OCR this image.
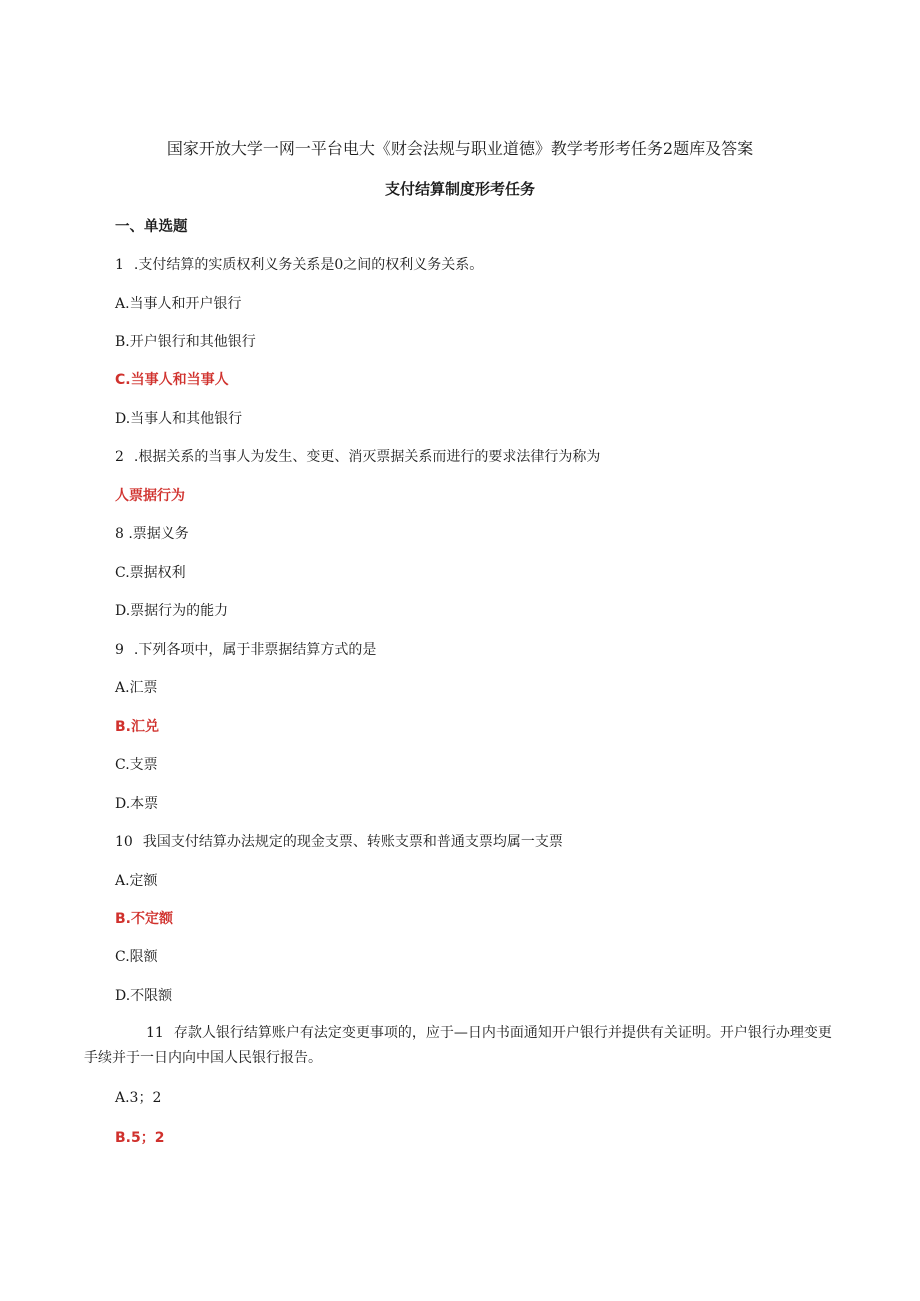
国家开放大学一网一平台电大《财会法规与职业道德》教学考形考任务2题库及答案
支付结算制度形考任务
一、单选题
1 .支付结算的实质权利义务关系是0之间的权利义务关系。
A.当事人和开户银行
B.开户银行和其他银行
C.当事人和当事人
D.当事人和其他银行
2 .根据关系的当事人为发生、变更、消灭票据关系而进行的要求法律行为称为
人票据行为
8 .票据义务
C.票据权利
D.票据行为的能力
9 .下列各项中，属于非票据结算方式的是
A.汇票
B.汇兑
C.支票
D.本票
10 我国支付结算办法规定的现金支票、转账支票和普通支票均属一支票
A.定额
B.不定额
C.限额
D.不限额
11 存款人银行结算账户有法定变更事项的，应于—日内书面通知开户银行并提供有关证明。开户银行办理变更手续并于一日内向中国人民银行报告。
A.3；2
B.5；2
